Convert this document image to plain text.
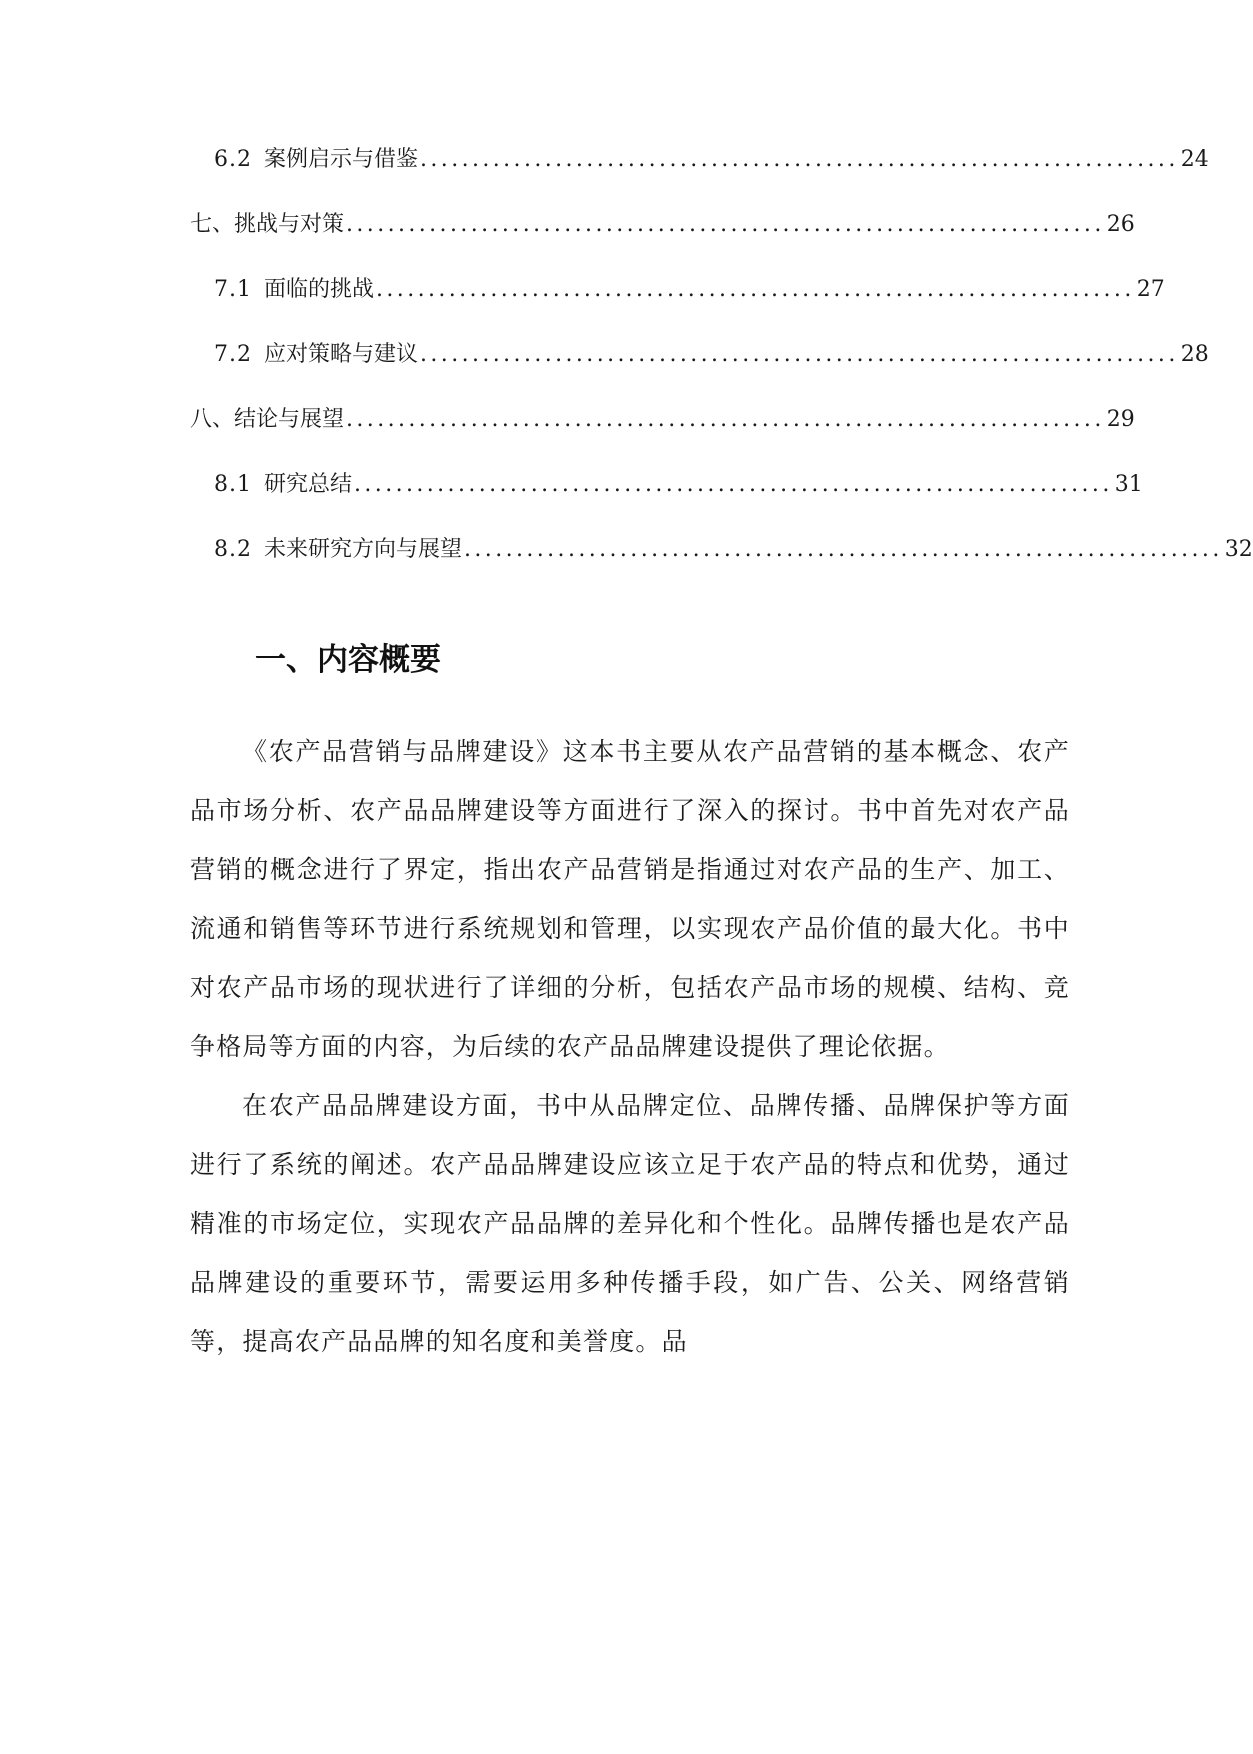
6.2 案例启示与借鉴 ......................................................................... 24
七、挑战与对策 ......................................................................... 26
7.1 面临的挑战 ......................................................................... 27
7.2 应对策略与建议 ......................................................................... 28
八、结论与展望 ......................................................................... 29
8.1 研究总结 ......................................................................... 31
8.2 未来研究方向与展望 ......................................................................... 32
一、内容概要

《农产品营销与品牌建设》这本书主要从农产品营销的基本概念、农产品市场分析、农产品品牌建设等方面进行了深入的探讨。书中首先对农产品营销的概念进行了界定，指出农产品营销是指通过对农产品的生产、加工、流通和销售等环节进行系统规划和管理，以实现农产品价值的最大化。书中对农产品市场的现状进行了详细的分析，包括农产品市场的规模、结构、竞争格局等方面的内容，为后续的农产品品牌建设提供了理论依据。

在农产品品牌建设方面，书中从品牌定位、品牌传播、品牌保护等方面进行了系统的阐述。农产品品牌建设应该立足于农产品的特点和优势，通过精准的市场定位，实现农产品品牌的差异化和个性化。品牌传播也是农产品品牌建设的重要环节，需要运用多种传播手段，如广告、公关、网络营销等，提高农产品品牌的知名度和美誉度。品
